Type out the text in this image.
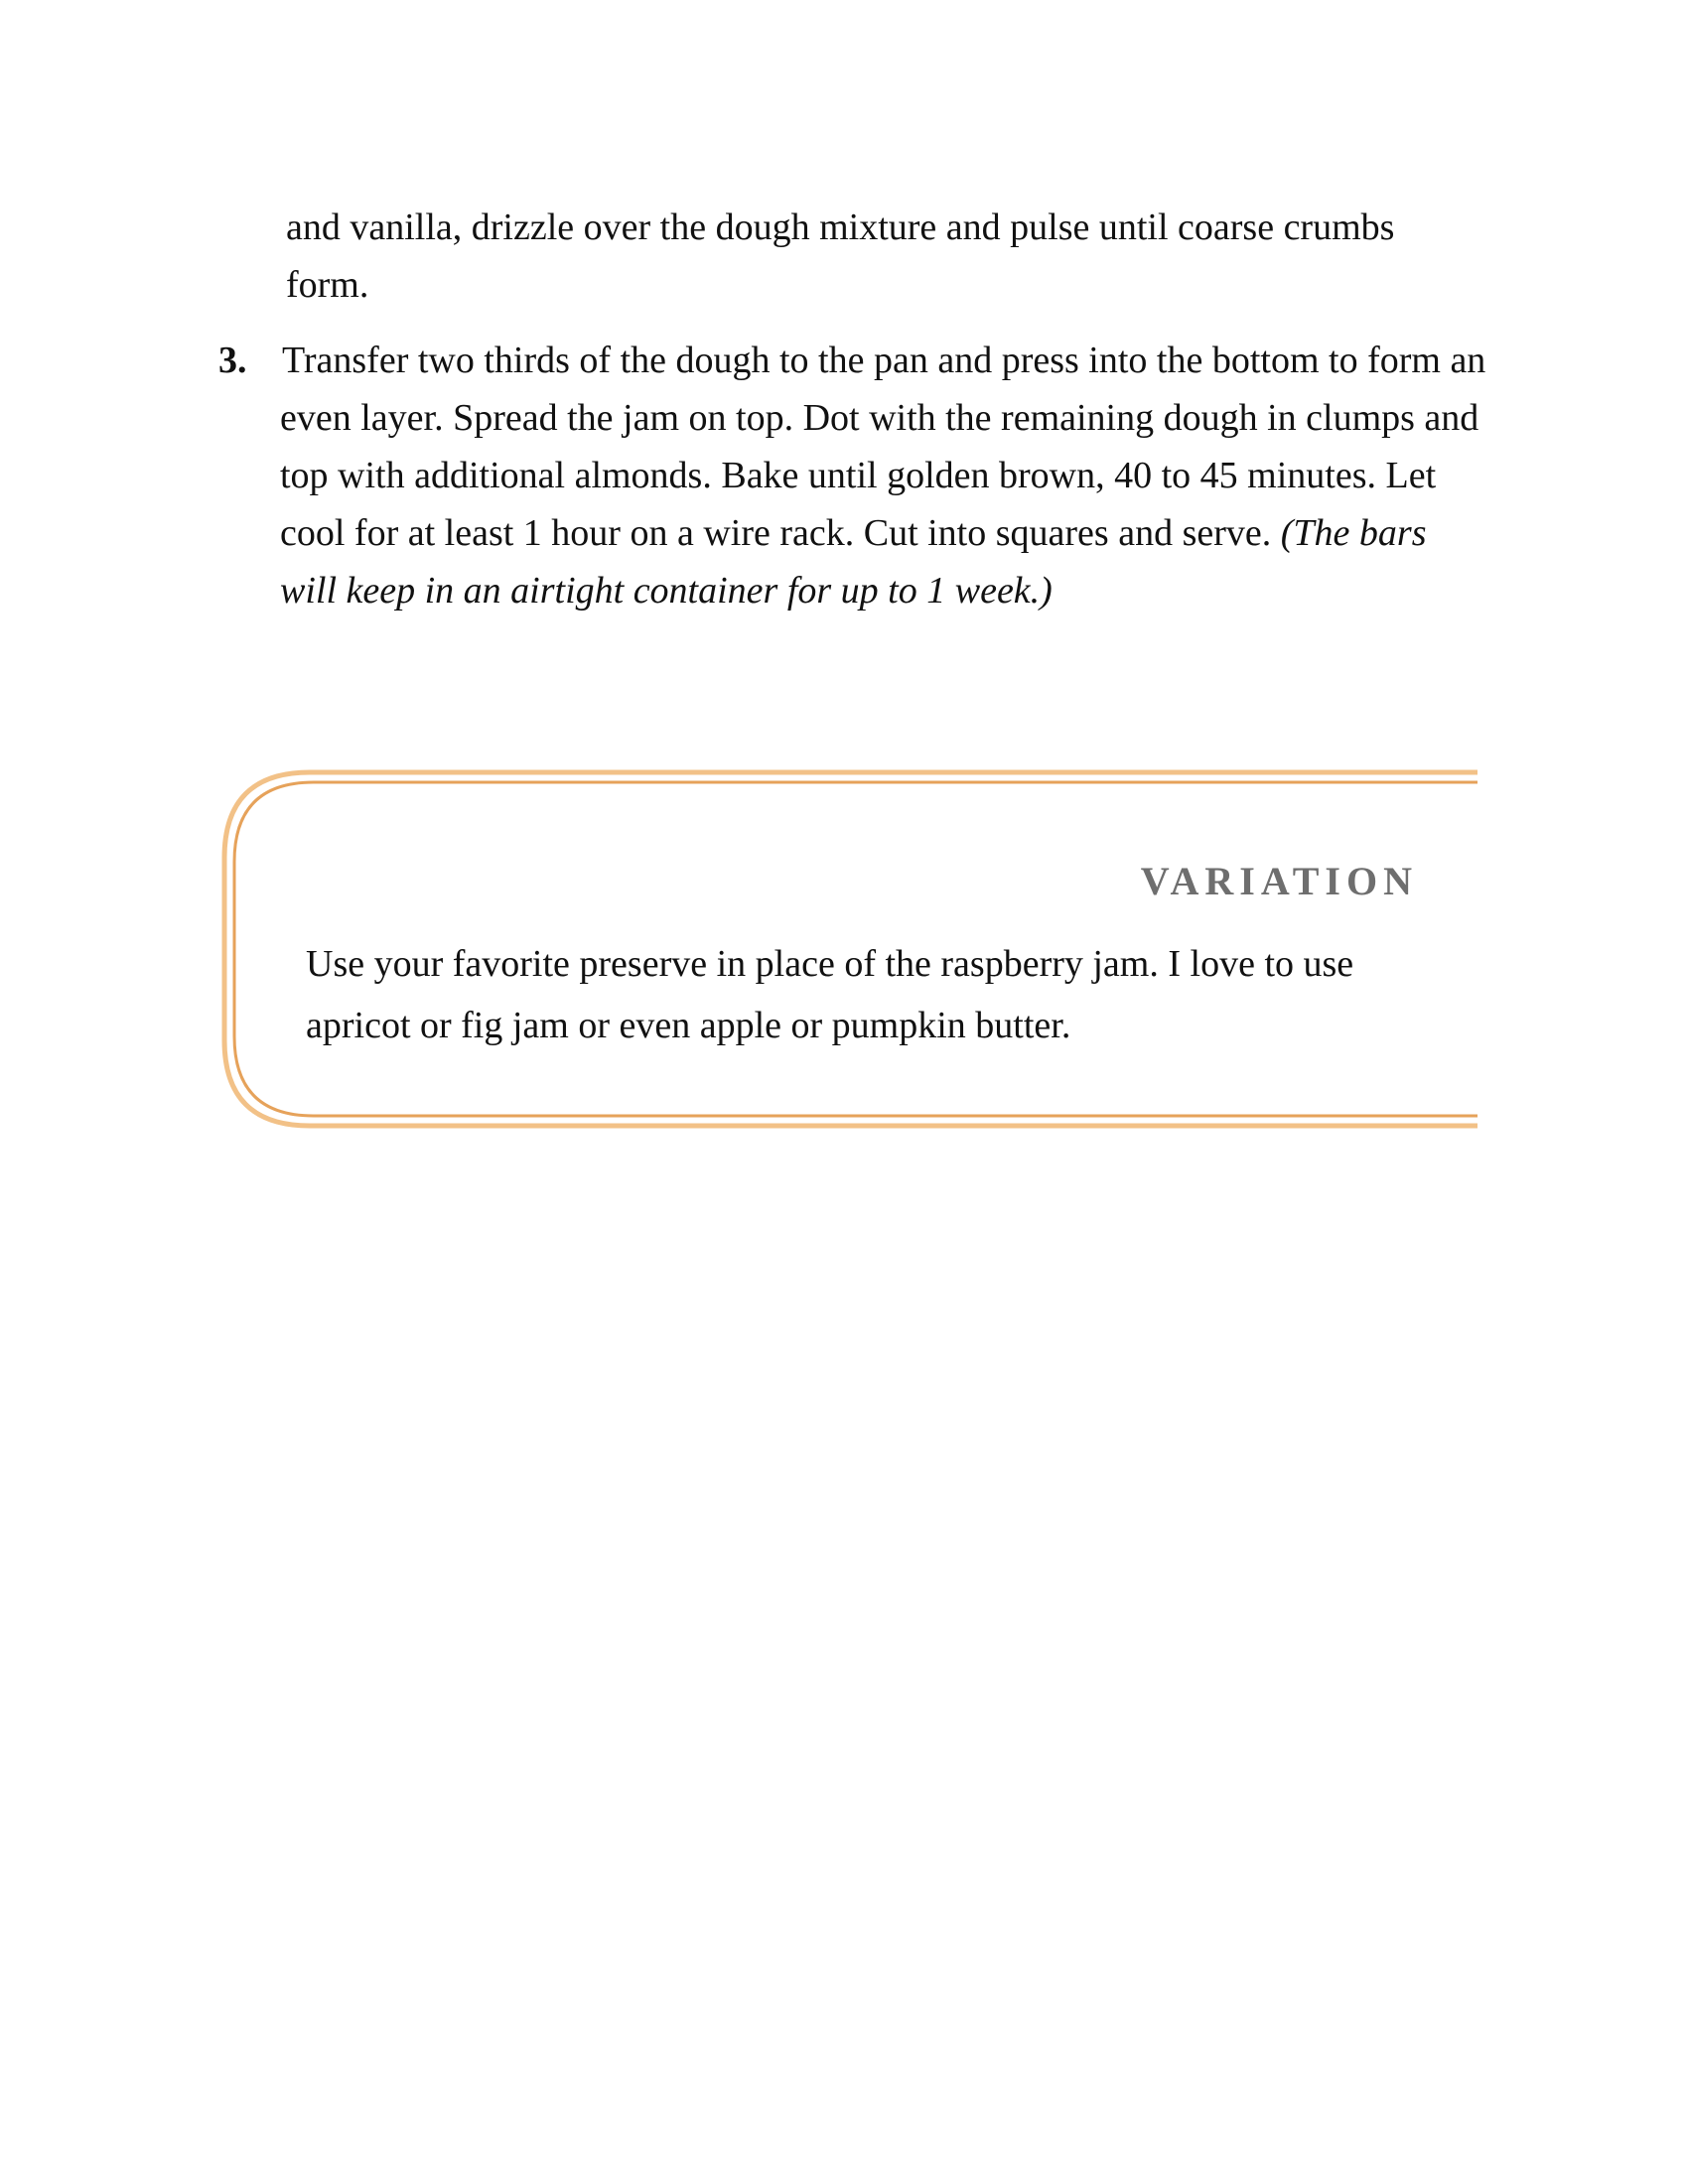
and vanilla, drizzle over the dough mixture and pulse until coarse crumbs form.
3. Transfer two thirds of the dough to the pan and press into the bottom to form an even layer. Spread the jam on top. Dot with the remaining dough in clumps and top with additional almonds. Bake until golden brown, 40 to 45 minutes. Let cool for at least 1 hour on a wire rack. Cut into squares and serve. (The bars will keep in an airtight container for up to 1 week.)
VARIATION
Use your favorite preserve in place of the raspberry jam. I love to use apricot or fig jam or even apple or pumpkin butter.
